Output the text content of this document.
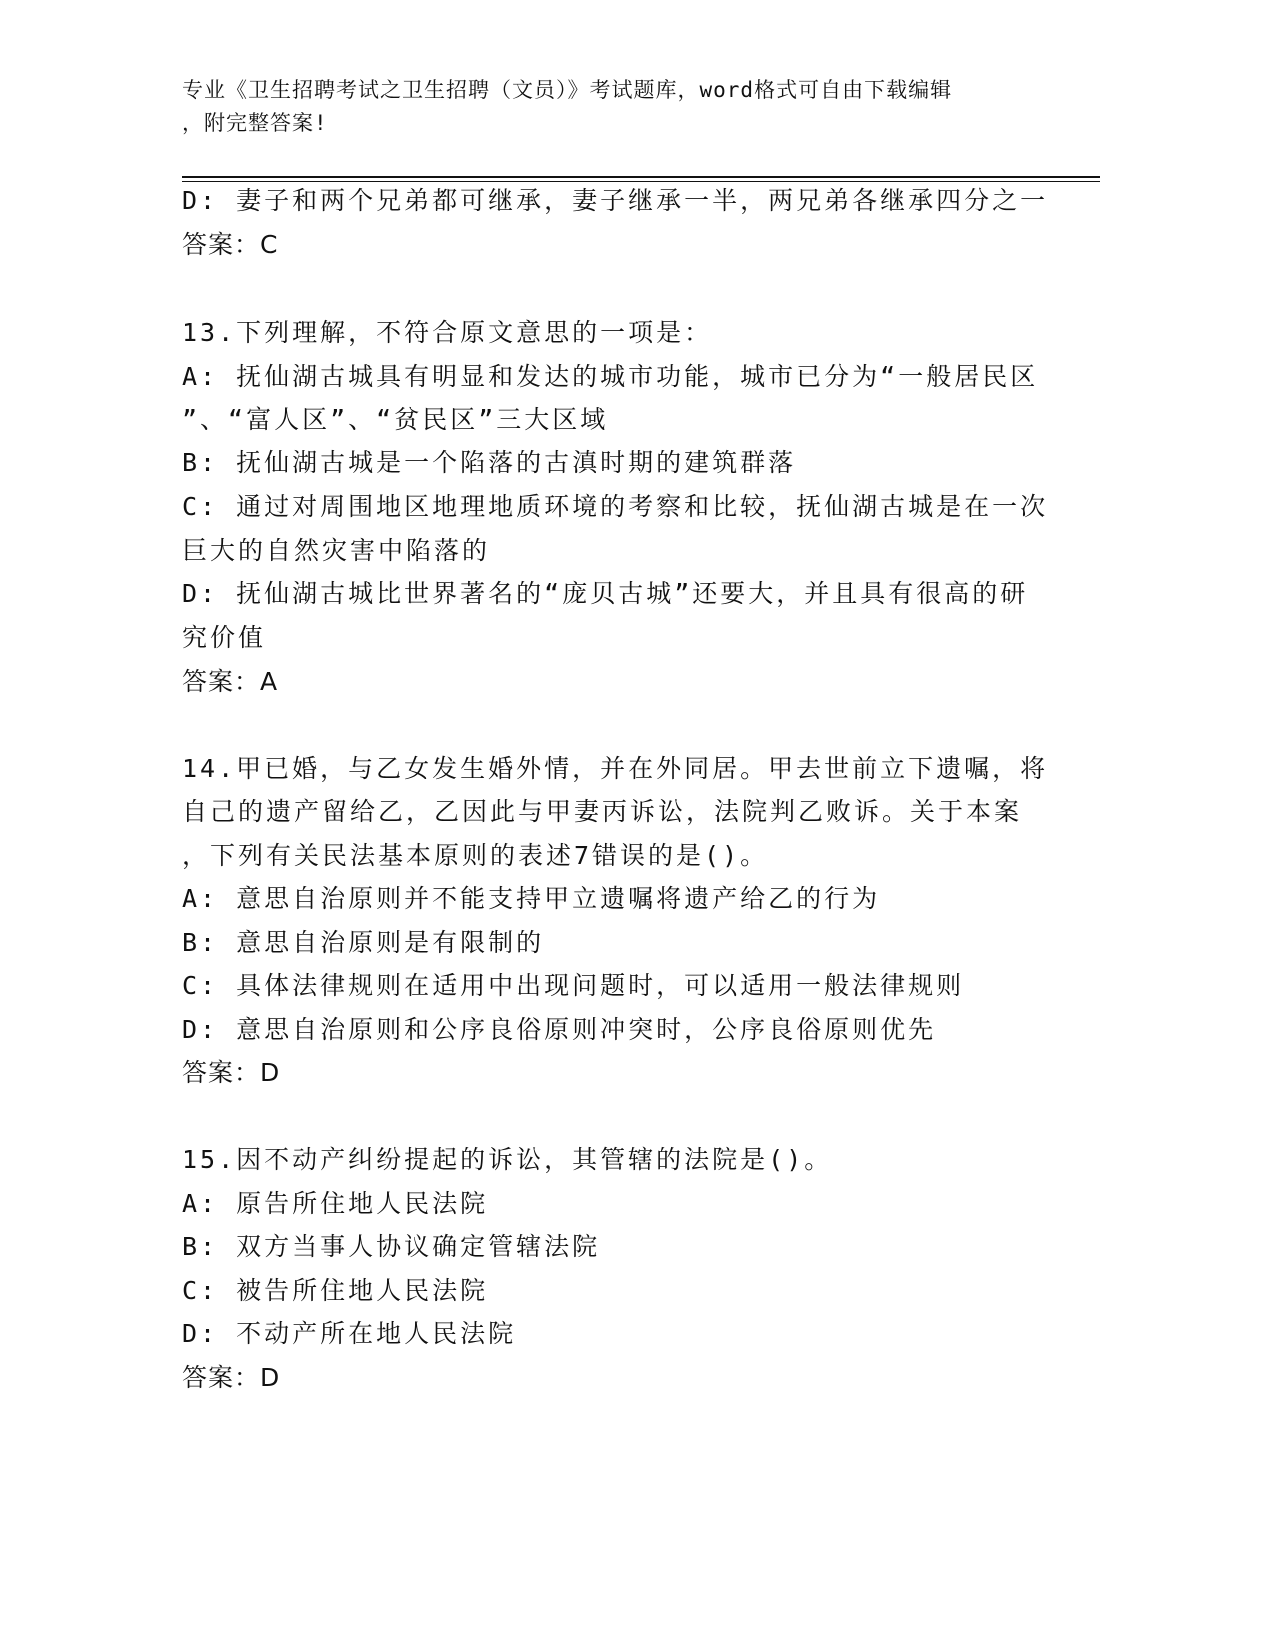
专业《卫生招聘考试之卫生招聘（文员）》考试题库，word格式可自由下载编辑
，附完整答案!
D: 妻子和两个兄弟都可继承，妻子继承一半，两兄弟各继承四分之一
答案：C
13.下列理解，不符合原文意思的一项是：
A: 抚仙湖古城具有明显和发达的城市功能，城市已分为“一般居民区
”、“富人区”、“贫民区”三大区域
B: 抚仙湖古城是一个陷落的古滇时期的建筑群落
C: 通过对周围地区地理地质环境的考察和比较，抚仙湖古城是在一次
巨大的自然灾害中陷落的
D: 抚仙湖古城比世界著名的“庞贝古城”还要大，并且具有很高的研
究价值
答案：A
14.甲已婚，与乙女发生婚外情，并在外同居。甲去世前立下遗嘱，将
自己的遗产留给乙，乙因此与甲妻丙诉讼，法院判乙败诉。关于本案
，下列有关民法基本原则的表述7错误的是()。
A: 意思自治原则并不能支持甲立遗嘱将遗产给乙的行为
B: 意思自治原则是有限制的
C: 具体法律规则在适用中出现问题时，可以适用一般法律规则
D: 意思自治原则和公序良俗原则冲突时，公序良俗原则优先
答案：D
15.因不动产纠纷提起的诉讼，其管辖的法院是()。
A: 原告所住地人民法院
B: 双方当事人协议确定管辖法院
C: 被告所住地人民法院
D: 不动产所在地人民法院
答案：D
